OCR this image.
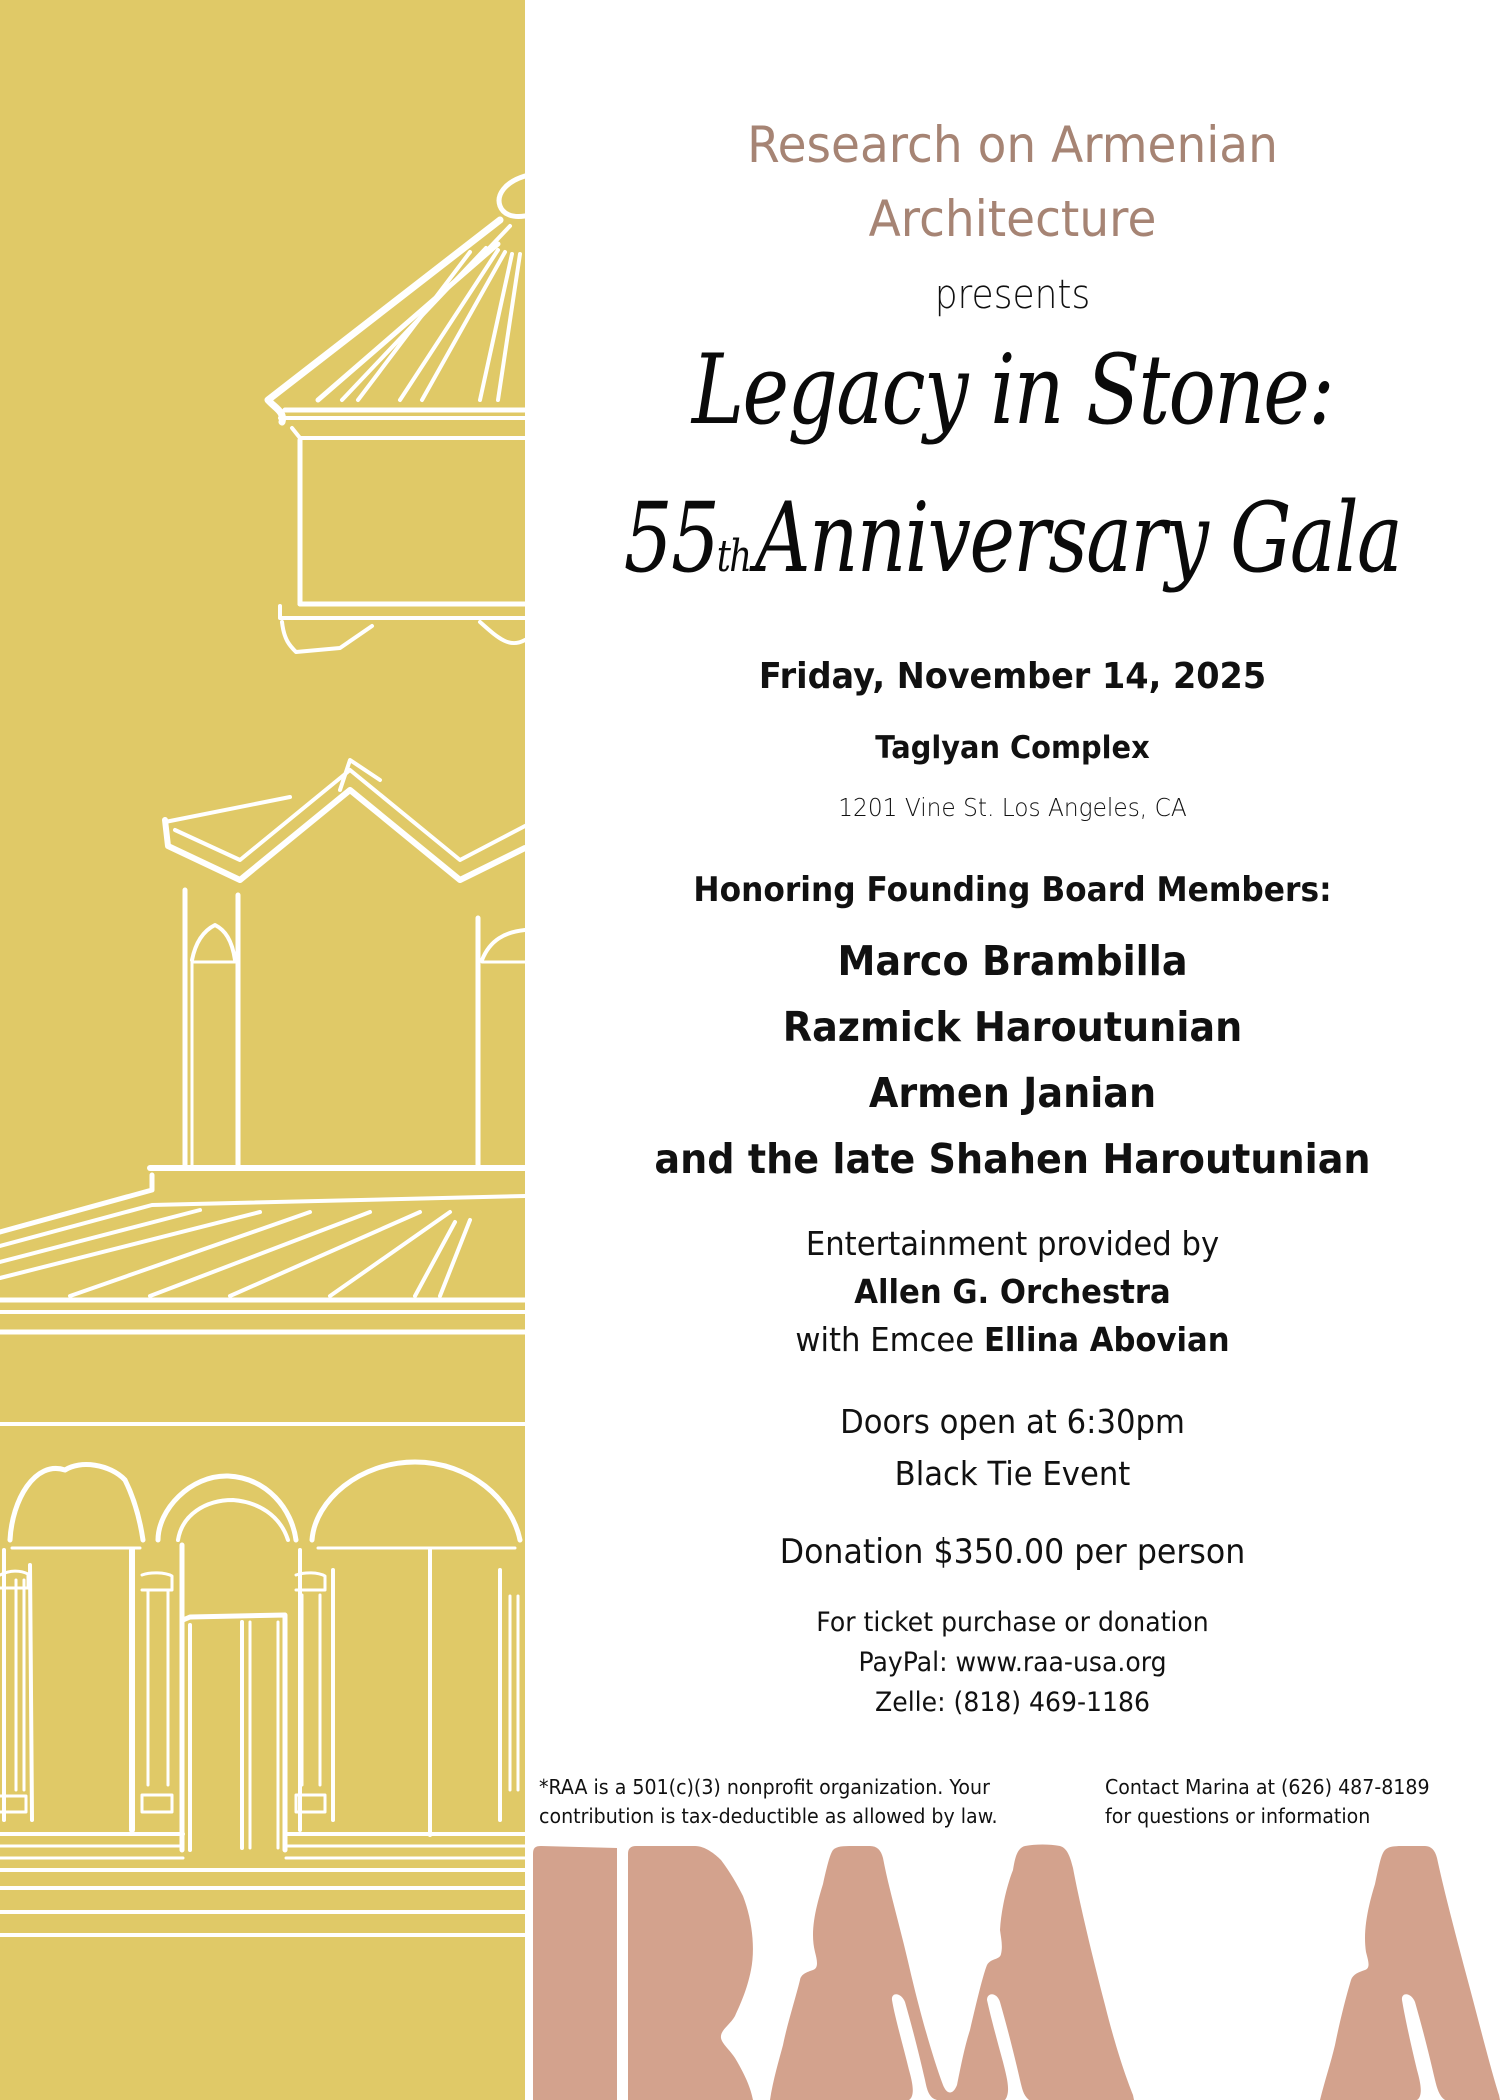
Research on Armenian
Architecture
presents
Legacy in Stone:
55thAnniversary Gala
Friday, November 14, 2025
Taglyan Complex
1201 Vine St. Los Angeles, CA
Honoring Founding Board Members:
Marco Brambilla
Razmick Haroutunian
Armen Janian
and the late Shahen Haroutunian
Entertainment provided by
Allen G. Orchestra
with Emcee Ellina Abovian
Doors open at 6:30pm
Black Tie Event
Donation $350.00 per person
For ticket purchase or donation
PayPal: www.raa-usa.org
Zelle: (818) 469-1186
*RAA is a 501(c)(3) nonprofit organization. Your
contribution is tax-deductible as allowed by law.
Contact Marina at (626) 487-8189
for questions or information
